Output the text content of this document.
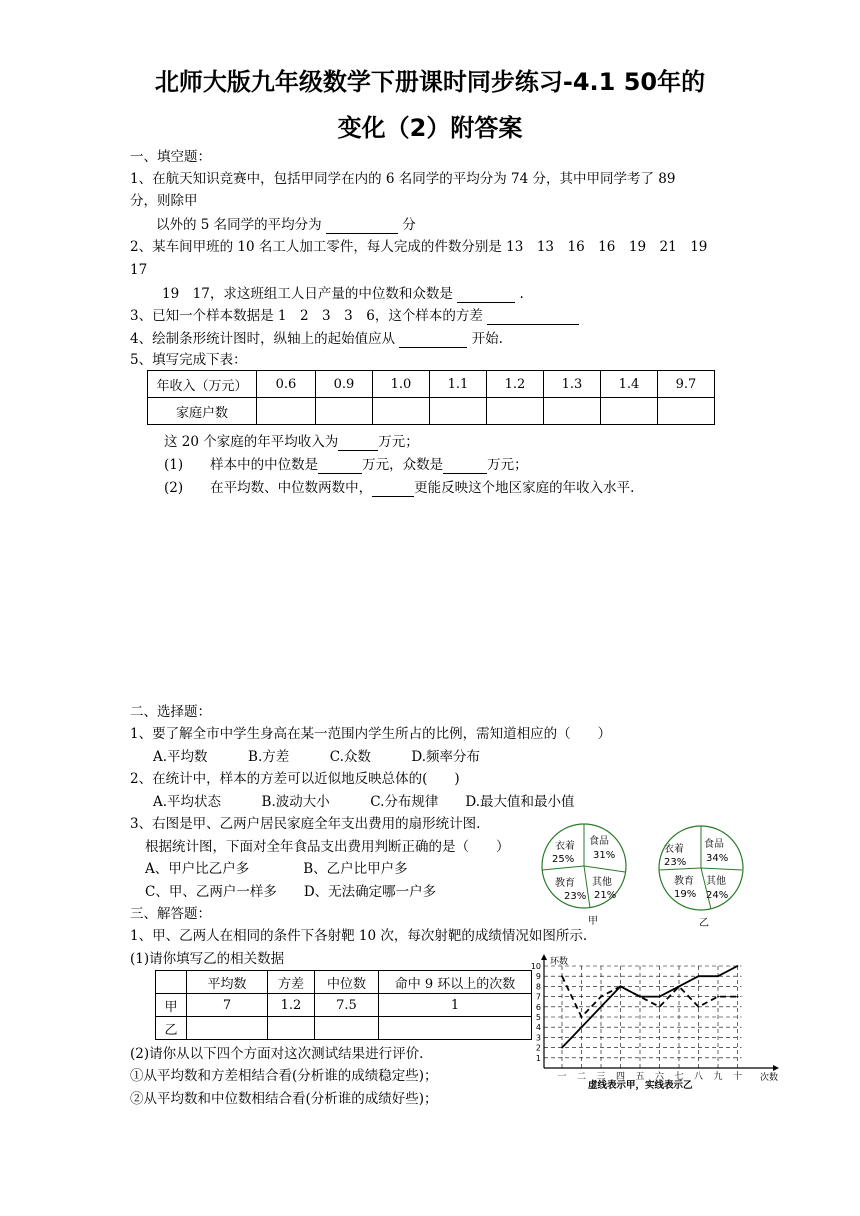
北师大版九年级数学下册课时同步练习-4.1 50年的
变化（2）附答案
一、填空题：
1、在航天知识竞赛中，包括甲同学在内的 6 名同学的平均分为 74 分，其中甲同学考了 89
分，则除甲
以外的 5 名同学的平均分为	分
2、某车间甲班的 10 名工人加工零件，每人完成的件数分别是 13　13　16　16　19　21　19
17
19　17，求这班组工人日产量的中位数和众数是	.
3、已知一个样本数据是 1　2　3　3　6，这个样本的方差
4、绘制条形统计图时，纵轴上的起始值应从	开始.
5、填写完成下表：
年收入（万元）	0.6	0.9	1.0	1.1	1.2	1.3	1.4	9.7
家庭户数								
这 20 个家庭的年平均收入为	万元；
(1)　　样本中的中位数是	万元，众数是	万元；
(2)　　在平均数、中位数两数中，	更能反映这个地区家庭的年收入水平.
二、选择题：
1、要了解全市中学生身高在某一范围内学生所占的比例，需知道相应的（　　）
A.平均数　　　B.方差　　　C.众数　　　D.频率分布
2、在统计中，样本的方差可以近似地反映总体的(　　)
A.平均状态　　　B.波动大小　　　C.分布规律　　D.最大值和最小值
3、右图是甲、乙两户居民家庭全年支出费用的扇形统计图.
根据统计图，下面对全年食品支出费用判断正确的是（　　）
A、甲户比乙户多　　　　B、乙户比甲户多
C、甲、乙两户一样多　　D、无法确定哪一户多
衣着
25%
食品
31%
教育
23%
其他
21%
甲
衣着
23%
食品
34%
教育
19%
其他
24%
乙
三、解答题：
1、甲、乙两人在相同的条件下各射靶 10 次，每次射靶的成绩情况如图所示.
(1)请你填写乙的相关数据
	平均数	方差	中位数	命中 9 环以上的次数
甲	7	1.2	7.5	1
乙				
(2)请你从以下四个方面对这次测试结果进行评价.
①从平均数和方差相结合看(分析谁的成绩稳定些)；
②从平均数和中位数相结合看(分析谁的成绩好些)；
1
2
3
4
5
6
7
8
9
10
一 二 三 四 五 六 七 八 九 十
环数
次数
虚线表示甲，实线表示乙
